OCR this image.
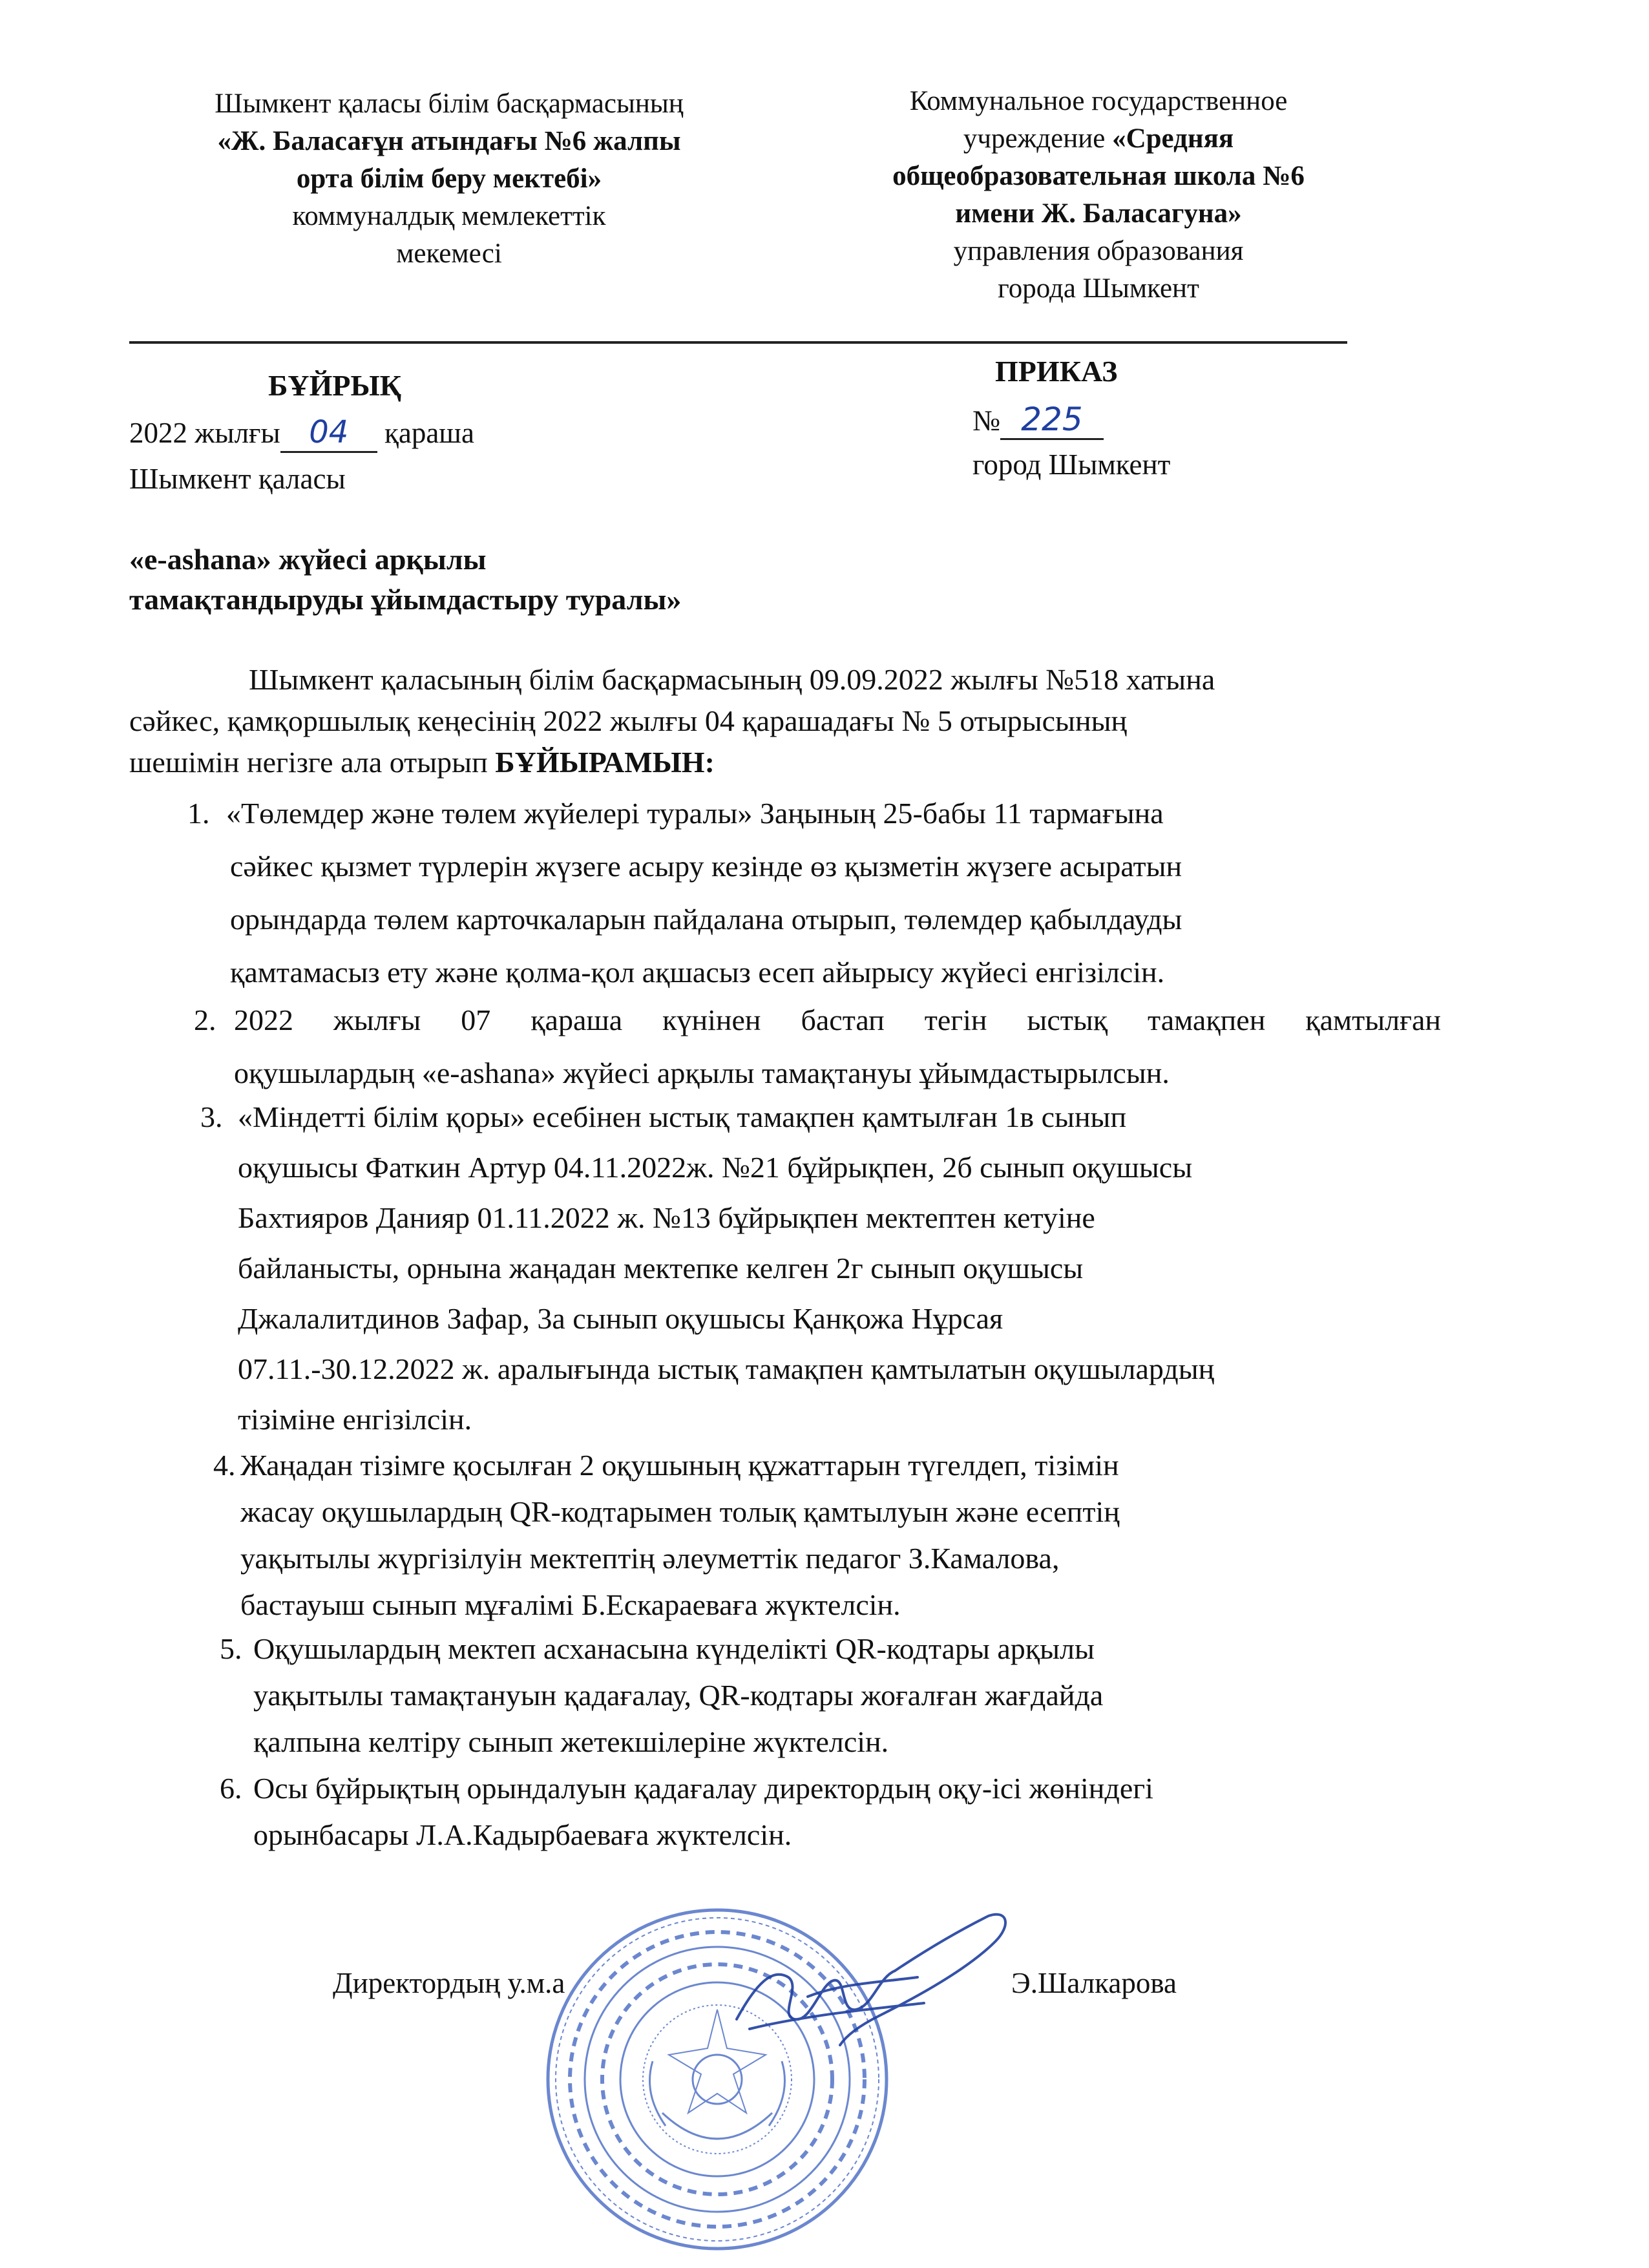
Шымкент қаласы білім басқармасының
«Ж. Баласағұн атындағы №6 жалпы
орта білім беру мектебі»
коммуналдық мемлекеттік
мекемесі
Коммунальное государственное
учреждение «Средняя
общеобразовательная школа №6
имени Ж. Баласагуна»
управления образования
города Шымкент
БҰЙРЫҚ
2022 жылғы 04 қараша
Шымкент қаласы
ПРИКАЗ
№ 225
город Шымкент
«e-ashana» жүйесі арқылы
тамақтандыруды ұйымдастыру туралы»
Шымкент қаласының білім басқармасының 09.09.2022 жылғы №518 хатына
сәйкес, қамқоршылық кеңесінің 2022 жылғы 04 қарашадағы № 5 отырысының
шешімін негізге ала отырып БҰЙЫРАМЫН:
1. «Төлемдер және төлем жүйелері туралы» Заңының 25-бабы 11 тармағына

сәйкес қызмет түрлерін жүзеге асыру кезінде өз қызметін жүзеге асыратын

орындарда төлем карточкаларын пайдалана отырып, төлемдер қабылдауды

қамтамасыз ету және қолма-қол ақшасыз есеп айырысу жүйесі енгізілсін.

2. 2022 жылғы 07 қараша күнінен бастап тегін ыстық тамақпен қамтылған

оқушылардың «e-ashana» жүйесі арқылы тамақтануы ұйымдастырылсын.

3. «Міндетті білім қоры» есебінен ыстық тамақпен қамтылған 1в сынып

оқушысы Фаткин Артур 04.11.2022ж. №21 бұйрықпен, 2б сынып оқушысы

Бахтияров Данияр 01.11.2022 ж. №13 бұйрықпен мектептен кетуіне

байланысты, орнына жаңадан мектепке келген 2г сынып оқушысы

Джалалитдинов Зафар, 3а сынып оқушысы Қанқожа Нұрсая

07.11.-30.12.2022 ж. аралығында ыстық тамақпен қамтылатын оқушылардың

тізіміне енгізілсін.

4. Жаңадан тізімге қосылған 2 оқушының құжаттарын түгелдеп, тізімін

жасау оқушылардың QR-кодтарымен толық қамтылуын және есептің

уақытылы жүргізілуін мектептің әлеуметтік педагог З.Камалова,

бастауыш сынып мұғалімі Б.Ескараеваға жүктелсін.

5. Оқушылардың мектеп асханасына күнделікті QR-кодтары арқылы

уақытылы тамақтануын қадағалау, QR-кодтары жоғалған жағдайда

қалпына келтіру сынып жетекшілеріне жүктелсін.

6. Осы бұйрықтың орындалуын қадағалау директордың оқу-ісі жөніндегі

орынбасары Л.А.Кадырбаеваға жүктелсін.

Директордың у.м.а	Э.Шалкарова
